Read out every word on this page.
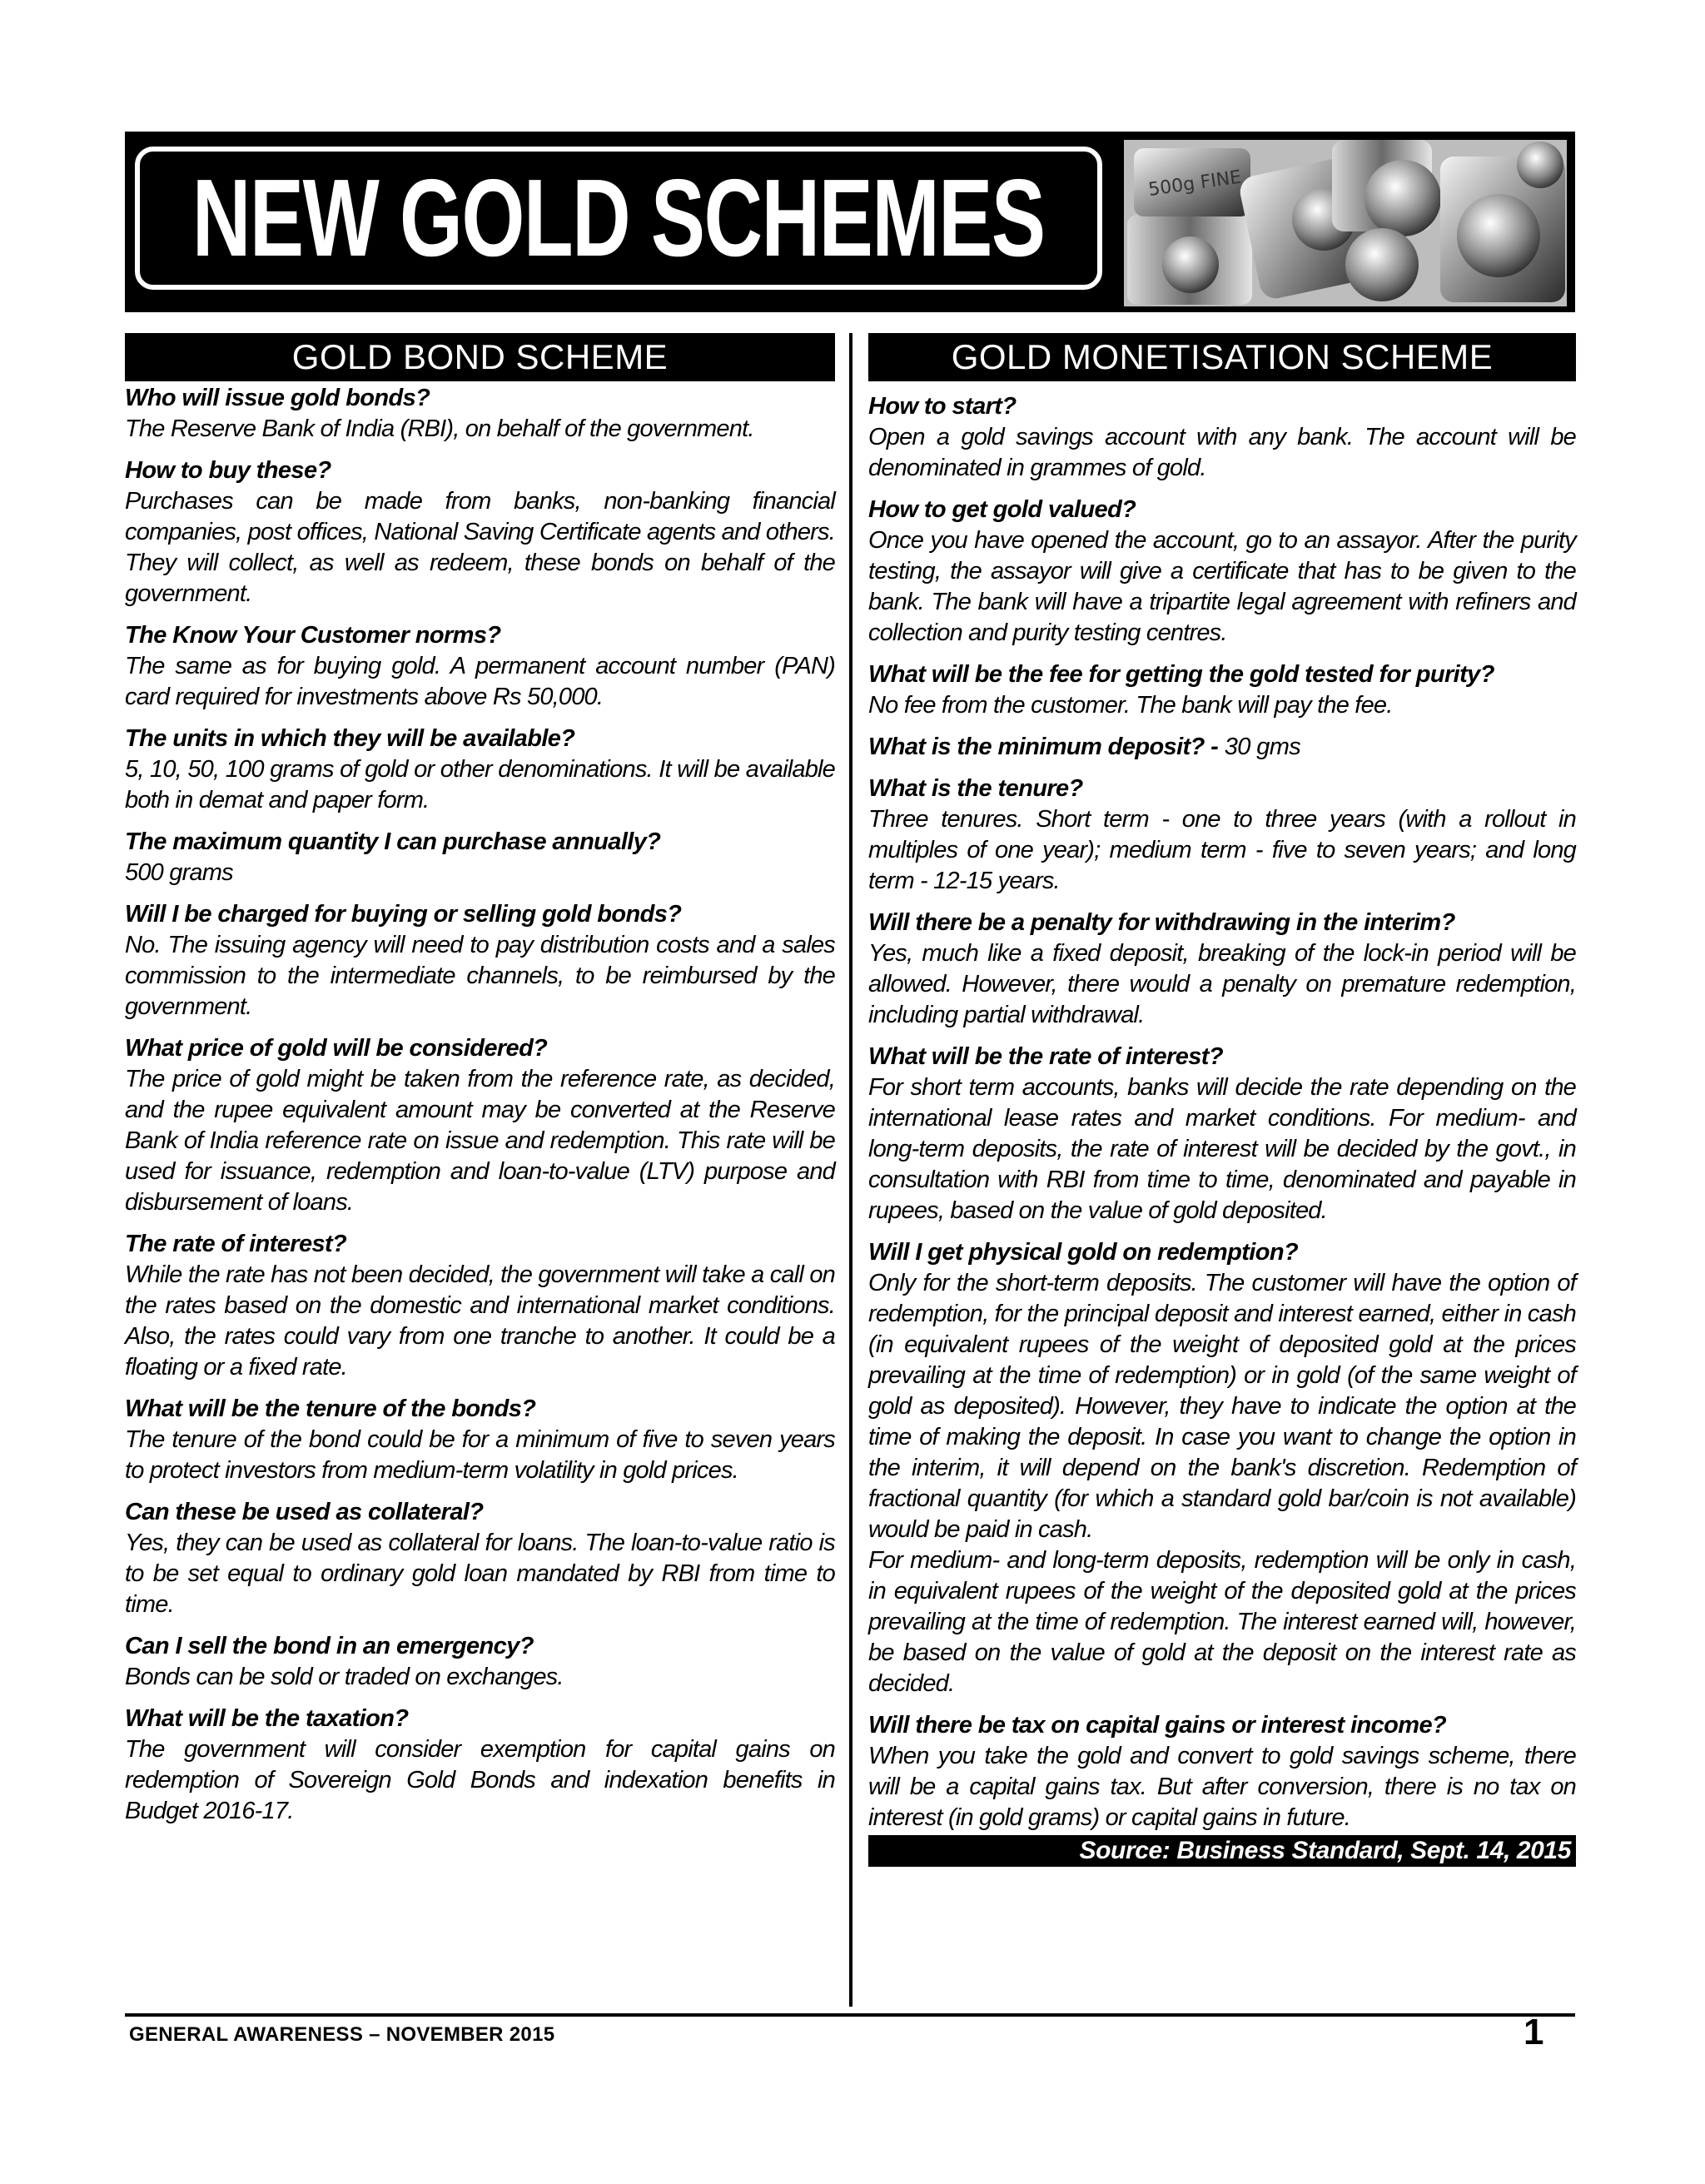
NEW GOLD SCHEMES	500g FINE
GOLD BOND SCHEME

Who will issue gold bonds?

The Reserve Bank of India (RBI), on behalf of the government.

How to buy these?

Purchases can be made from banks, non-banking financial companies, post offices, National Saving Certificate agents and others. They will collect, as well as redeem, these bonds on behalf of the government.

The Know Your Customer norms?

The same as for buying gold. A permanent account number (PAN) card required for investments above Rs 50,000.

The units in which they will be available?

5, 10, 50, 100 grams of gold or other denominations. It will be available both in demat and paper form.

The maximum quantity I can purchase annually?

500 grams

Will I be charged for buying or selling gold bonds?

No. The issuing agency will need to pay distribution costs and a sales commission to the intermediate channels, to be reimbursed by the government.

What price of gold will be considered?

The price of gold might be taken from the reference rate, as decided, and the rupee equivalent amount may be converted at the Reserve Bank of India reference rate on issue and redemption. This rate will be used for issuance, redemption and loan-to-value (LTV) purpose and disbursement of loans.

The rate of interest?

While the rate has not been decided, the government will take a call on the rates based on the domestic and international market conditions. Also, the rates could vary from one tranche to another. It could be a floating or a fixed rate.

What will be the tenure of the bonds?

The tenure of the bond could be for a minimum of five to seven years to protect investors from medium-term volatility in gold prices.

Can these be used as collateral?

Yes, they can be used as collateral for loans. The loan-to-value ratio is to be set equal to ordinary gold loan mandated by RBI from time to time.

Can I sell the bond in an emergency?

Bonds can be sold or traded on exchanges.

What will be the taxation?

The government will consider exemption for capital gains on redemption of Sovereign Gold Bonds and indexation benefits in Budget 2016-17.

GOLD MONETISATION SCHEME

How to start?

Open a gold savings account with any bank. The account will be denominated in grammes of gold.

How to get gold valued?

Once you have opened the account, go to an assayor. After the purity testing, the assayor will give a certificate that has to be given to the bank. The bank will have a tripartite legal agreement with refiners and collection and purity testing centres.

What will be the fee for getting the gold tested for purity?

No fee from the customer. The bank will pay the fee.

What is the minimum deposit? - 30 gms

What is the tenure?

Three tenures. Short term - one to three years (with a rollout in multiples of one year); medium term - five to seven years; and long term - 12-15 years.

Will there be a penalty for withdrawing in the interim?

Yes, much like a fixed deposit, breaking of the lock-in period will be allowed. However, there would a penalty on premature redemption, including partial withdrawal.

What will be the rate of interest?

For short term accounts, banks will decide the rate depending on the international lease rates and market conditions. For medium- and long-term deposits, the rate of interest will be decided by the govt., in consultation with RBI from time to time, denominated and payable in rupees, based on the value of gold deposited.

Will I get physical gold on redemption?

Only for the short-term deposits. The customer will have the option of redemption, for the principal deposit and interest earned, either in cash (in equivalent rupees of the weight of deposited gold at the prices prevailing at the time of redemption) or in gold (of the same weight of gold as deposited). However, they have to indicate the option at the time of making the deposit. In case you want to change the option in the interim, it will depend on the bank's discretion. Redemption of fractional quantity (for which a standard gold bar/coin is not available) would be paid in cash.

For medium- and long-term deposits, redemption will be only in cash, in equivalent rupees of the weight of the deposited gold at the prices prevailing at the time of redemption. The interest earned will, however, be based on the value of gold at the deposit on the interest rate as decided.

Will there be tax on capital gains or interest income?

When you take the gold and convert to gold savings scheme, there will be a capital gains tax. But after conversion, there is no tax on interest (in gold grams) or capital gains in future.

Source: Business Standard, Sept. 14, 2015
GENERAL AWARENESS – NOVEMBER 2015	1
